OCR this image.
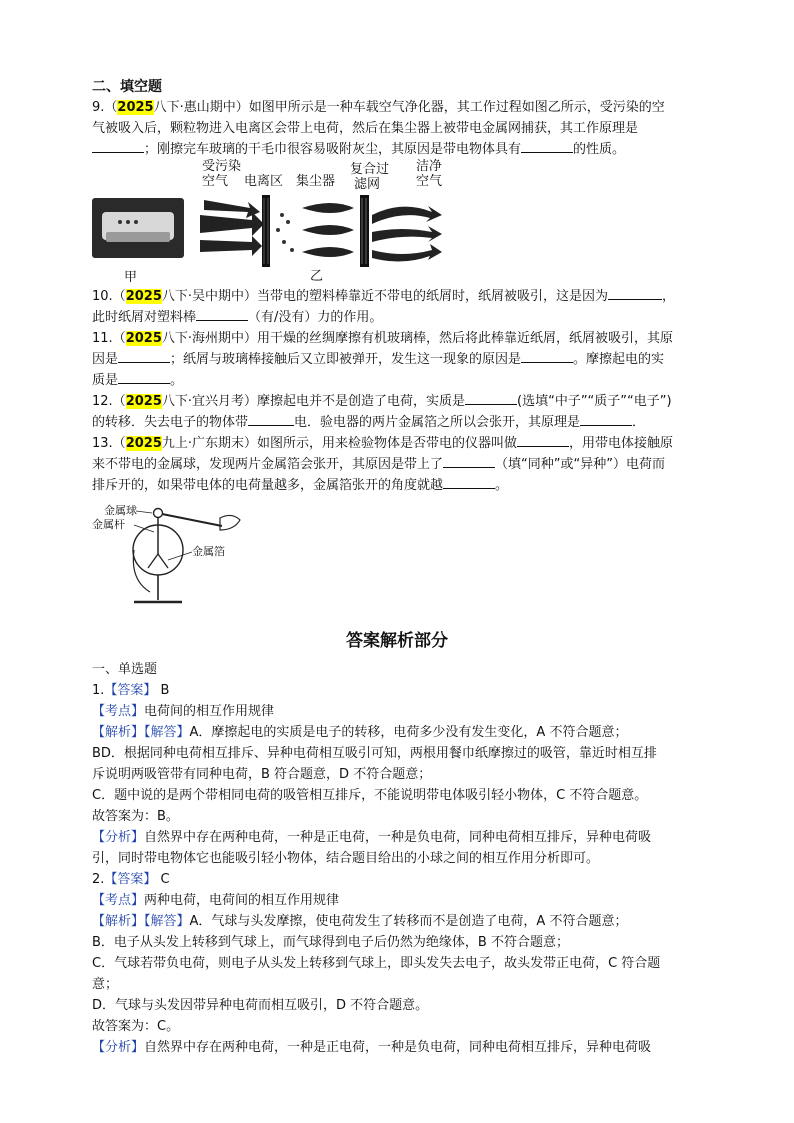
二、填空题
9.（2025八下·惠山期中）如图甲所示是一种车载空气净化器，其工作过程如图乙所示，受污染的空
气被吸入后，颗粒物进入电离区会带上电荷，然后在集尘器上被带电金属网捕获，其工作原理是
；刚擦完车玻璃的干毛巾很容易吸附灰尘，其原因是带电物体具有	的性质。
受污染
空气 电离区 集尘器
复合过
滤网
洁净
空气
乙
甲
10.（2025八下·吴中期中）当带电的塑料棒靠近不带电的纸屑时，纸屑被吸引，这是因为	，
此时纸屑对塑料棒	（有/没有）力的作用。
11.（2025八下·海州期中）用干燥的丝绸摩擦有机玻璃棒，然后将此棒靠近纸屑，纸屑被吸引，其原
因是	；纸屑与玻璃棒接触后又立即被弹开，发生这一现象的原因是	。摩擦起电的实
质是	。
12.（2025八下·宜兴月考）摩擦起电并不是创造了电荷，实质是	(选填“中子”“质子”“电子”)
的转移．失去电子的物体带	电．验电器的两片金属箔之所以会张开，其原理是	．
13.（2025九上·广东期末）如图所示，用来检验物体是否带电的仪器叫做	，用带电体接触原
来不带电的金属球，发现两片金属箔会张开，其原因是带上了	（填“同种”或“异种”）电荷而
排斥开的，如果带电体的电荷量越多，金属箔张开的角度就越	。
金属球
金属杆
金属箔
答案解析部分
一、单选题
1.【答案】 B
【考点】电荷间的相互作用规律
【解析】【解答】A．摩擦起电的实质是电子的转移，电荷多少没有发生变化，A 不符合题意；
BD．根据同种电荷相互排斥、异种电荷相互吸引可知，两根用餐巾纸摩擦过的吸管，靠近时相互排
斥说明两吸管带有同种电荷，B 符合题意，D 不符合题意；
C．题中说的是两个带相同电荷的吸管相互排斥，不能说明带电体吸引轻小物体，C 不符合题意。
故答案为：B。
【分析】自然界中存在两种电荷，一种是正电荷，一种是负电荷，同种电荷相互排斥，异种电荷吸
引，同时带电物体它也能吸引轻小物体，结合题目给出的小球之间的相互作用分析即可。
2.【答案】 C
【考点】两种电荷，电荷间的相互作用规律
【解析】【解答】A．气球与头发摩擦，使电荷发生了转移而不是创造了电荷，A 不符合题意；
B．电子从头发上转移到气球上，而气球得到电子后仍然为绝缘体，B 不符合题意；
C．气球若带负电荷，则电子从头发上转移到气球上，即头发失去电子，故头发带正电荷，C 符合题
意；
D．气球与头发因带异种电荷而相互吸引，D 不符合题意。
故答案为：C。
【分析】自然界中存在两种电荷，一种是正电荷，一种是负电荷，同种电荷相互排斥，异种电荷吸
